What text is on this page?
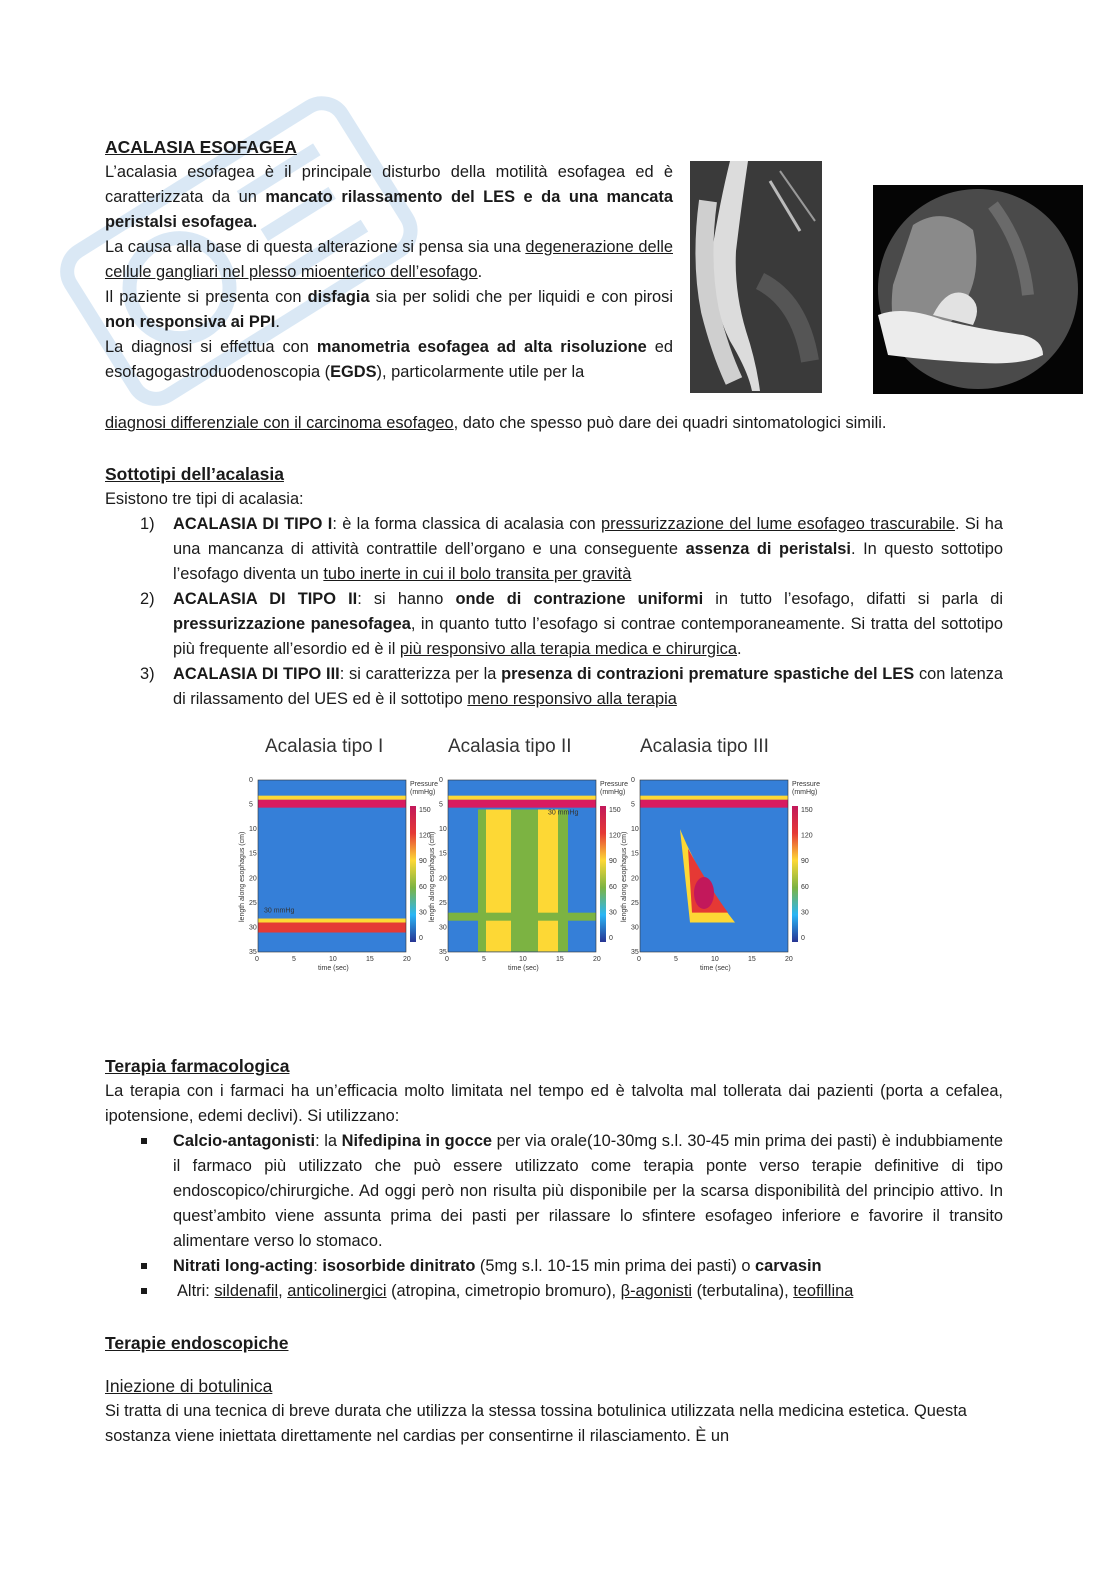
ACALASIA ESOFAGEA
L’acalasia esofagea è il principale disturbo della motilità esofagea ed è caratterizzata da un mancato rilassamento del LES e da una mancata peristalsi esofagea.
La causa alla base di questa alterazione si pensa sia una degenerazione delle cellule gangliari nel plesso mioenterico dell’esofago.
Il paziente si presenta con disfagia sia per solidi che per liquidi e con pirosi non responsiva ai PPI.
La diagnosi si effettua con manometria esofagea ad alta risoluzione ed esofagogastroduodenoscopia (EGDS), particolarmente utile per la
diagnosi differenziale con il carcinoma esofageo, dato che spesso può dare dei quadri sintomatologici simili.
Sottotipi dell’acalasia
Esistono tre tipi di acalasia:
1) ACALASIA DI TIPO I: è la forma classica di acalasia con pressurizzazione del lume esofageo trascurabile. Si ha una mancanza di attività contrattile dell’organo e una conseguente assenza di peristalsi. In questo sottotipo l’esofago diventa un tubo inerte in cui il bolo transita per gravità
2) ACALASIA DI TIPO II: si hanno onde di contrazione uniformi in tutto l’esofago, difatti si parla di pressurizzazione panesofagea, in quanto tutto l’esofago si contrae contemporaneamente. Si tratta del sottotipo più frequente all’esordio ed è il più responsivo alla terapia medica e chirurgica.
3) ACALASIA DI TIPO III: si caratterizza per la presenza di contrazioni premature spastiche del LES con latenza di rilassamento del UES ed è il sottotipo meno responsivo alla terapia
Acalasia tipo I
0
5
10
15
20
25
30
35
0	5	10	15	20
time (sec)
length along esophagus (cm)
Pressure
(mmHg)
150
120
90
60
30
0
Acalasia tipo II
0
5
10
15
20
25
30
35
0	5	10	15	20
time (sec)
length along esophagus (cm)
Pressure
(mmHg)
150
120
90
60
30
0
Acalasia tipo III
0
5
10
15
20
25
30
35
0	5	10	15	20
time (sec)
length along esophagus (cm)
Pressure
(mmHg)
150
120
90
60
30
0
30 mmHg
30 mmHg
Terapia farmacologica
La terapia con i farmaci ha un’efficacia molto limitata nel tempo ed è talvolta mal tollerata dai pazienti (porta a cefalea, ipotensione, edemi declivi). Si utilizzano:
Calcio-antagonisti: la Nifedipina in gocce per via orale(10-30mg s.l. 30-45 min prima dei pasti) è indubbiamente il farmaco più utilizzato che può essere utilizzato come terapia ponte verso terapie definitive di tipo endoscopico/chirurgiche. Ad oggi però non risulta più disponibile per la scarsa disponibilità del principio attivo. In quest’ambito viene assunta prima dei pasti per rilassare lo sfintere esofageo inferiore e favorire il transito alimentare verso lo stomaco.
Nitrati long-acting: isosorbide dinitrato (5mg s.l. 10-15 min prima dei pasti) o carvasin
Altri: sildenafil, anticolinergici (atropina, cimetropio bromuro), β-agonisti (terbutalina), teofillina
Terapie endoscopiche
Iniezione di botulinica
Si tratta di una tecnica di breve durata che utilizza la stessa tossina botulinica utilizzata nella medicina estetica. Questa sostanza viene iniettata direttamente nel cardias per consentirne il rilasciamento. È un
